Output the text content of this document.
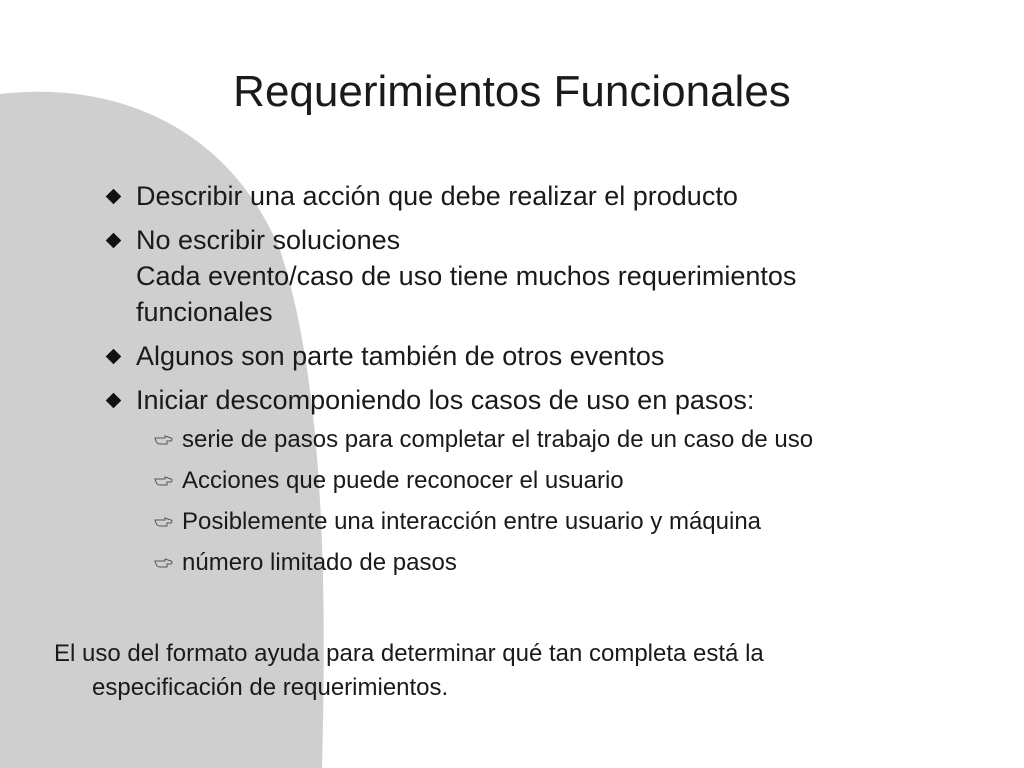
Requerimientos Funcionales
Describir una acción que debe realizar el producto
No escribir soluciones
Cada evento/caso de uso tiene muchos requerimientos
funcionales
Algunos son parte también de otros eventos
Iniciar descomponiendo los casos de uso en pasos:
serie de pasos para completar el trabajo de un caso de uso
Acciones que puede reconocer el usuario
Posiblemente una interacción entre usuario y máquina
número limitado de pasos
El uso del formato ayuda para determinar qué tan completa está la
especificación de requerimientos.
